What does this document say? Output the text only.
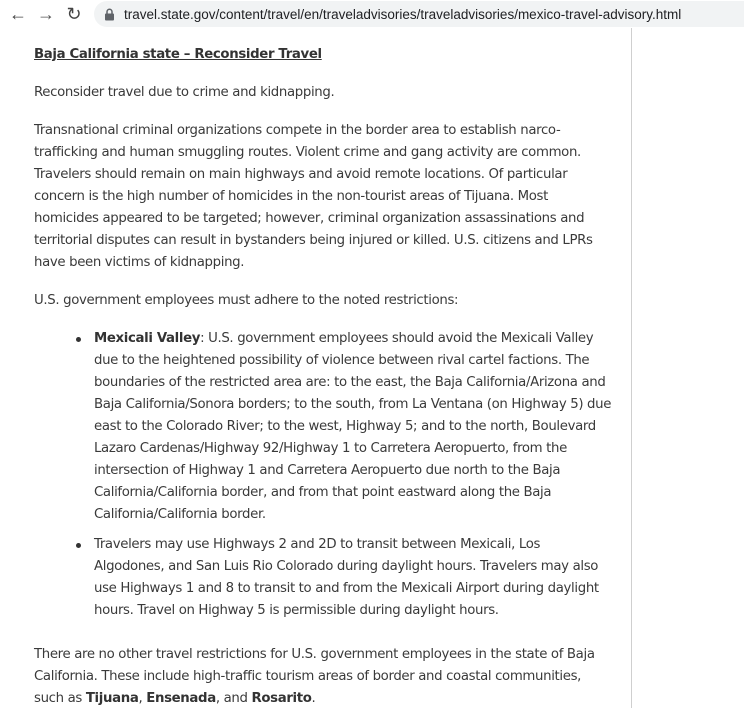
← → ↻	travel.state.gov/content/travel/en/traveladvisories/traveladvisories/mexico-travel-advisory.html
Baja California state – Reconsider Travel

Reconsider travel due to crime and kidnapping.

Transnational criminal organizations compete in the border area to establish narco-trafficking and human smuggling routes. Violent crime and gang activity are common. Travelers should remain on main highways and avoid remote locations. Of particular concern is the high number of homicides in the non-tourist areas of Tijuana. Most homicides appeared to be targeted; however, criminal organization assassinations and territorial disputes can result in bystanders being injured or killed. U.S. citizens and LPRs have been victims of kidnapping.

U.S. government employees must adhere to the noted restrictions:

Mexicali Valley: U.S. government employees should avoid the Mexicali Valley due to the heightened possibility of violence between rival cartel factions. The boundaries of the restricted area are: to the east, the Baja California/Arizona and Baja California/Sonora borders; to the south, from La Ventana (on Highway 5) due east to the Colorado River; to the west, Highway 5; and to the north, Boulevard Lazaro Cardenas/Highway 92/Highway 1 to Carretera Aeropuerto, from the intersection of Highway 1 and Carretera Aeropuerto due north to the Baja California/California border, and from that point eastward along the Baja California/California border.
Travelers may use Highways 2 and 2D to transit between Mexicali, Los Algodones, and San Luis Rio Colorado during daylight hours. Travelers may also use Highways 1 and 8 to transit to and from the Mexicali Airport during daylight hours. Travel on Highway 5 is permissible during daylight hours.

There are no other travel restrictions for U.S. government employees in the state of Baja California. These include high-traffic tourism areas of border and coastal communities, such as Tijuana, Ensenada, and Rosarito.
